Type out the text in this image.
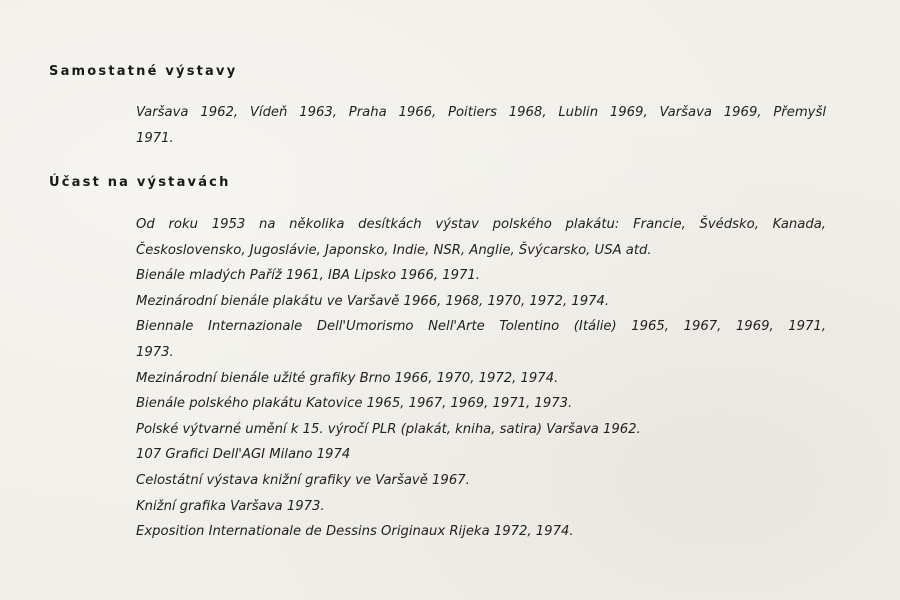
Samostatné výstavy
Varšava 1962, Vídeň 1963, Praha 1966, Poitiers 1968, Lublin 1969, Varšava 1969, Přemyšl
1971.
Účast na výstavách
Od roku 1953 na několika desítkách výstav polského plakátu: Francie, Švédsko, Kanada,
Československo, Jugoslávie, Japonsko, Indie, NSR, Anglie, Švýcarsko, USA atd.
Bienále mladých Paříž 1961, IBA Lipsko 1966, 1971.
Mezinárodní bienále plakátu ve Varšavě 1966, 1968, 1970, 1972, 1974.
Biennale Internazionale Dell'Umorismo Nell'Arte Tolentino (Itálie) 1965, 1967, 1969, 1971,
1973.
Mezinárodní bienále užité grafiky Brno 1966, 1970, 1972, 1974.
Bienále polského plakátu Katovice 1965, 1967, 1969, 1971, 1973.
Polské výtvarné umění k 15. výročí PLR (plakát, kniha, satira) Varšava 1962.
107 Grafici Dell'AGI Milano 1974
Celostátní výstava knižní grafiky ve Varšavě 1967.
Knižní grafika Varšava 1973.
Exposition Internationale de Dessins Originaux Rijeka 1972, 1974.
